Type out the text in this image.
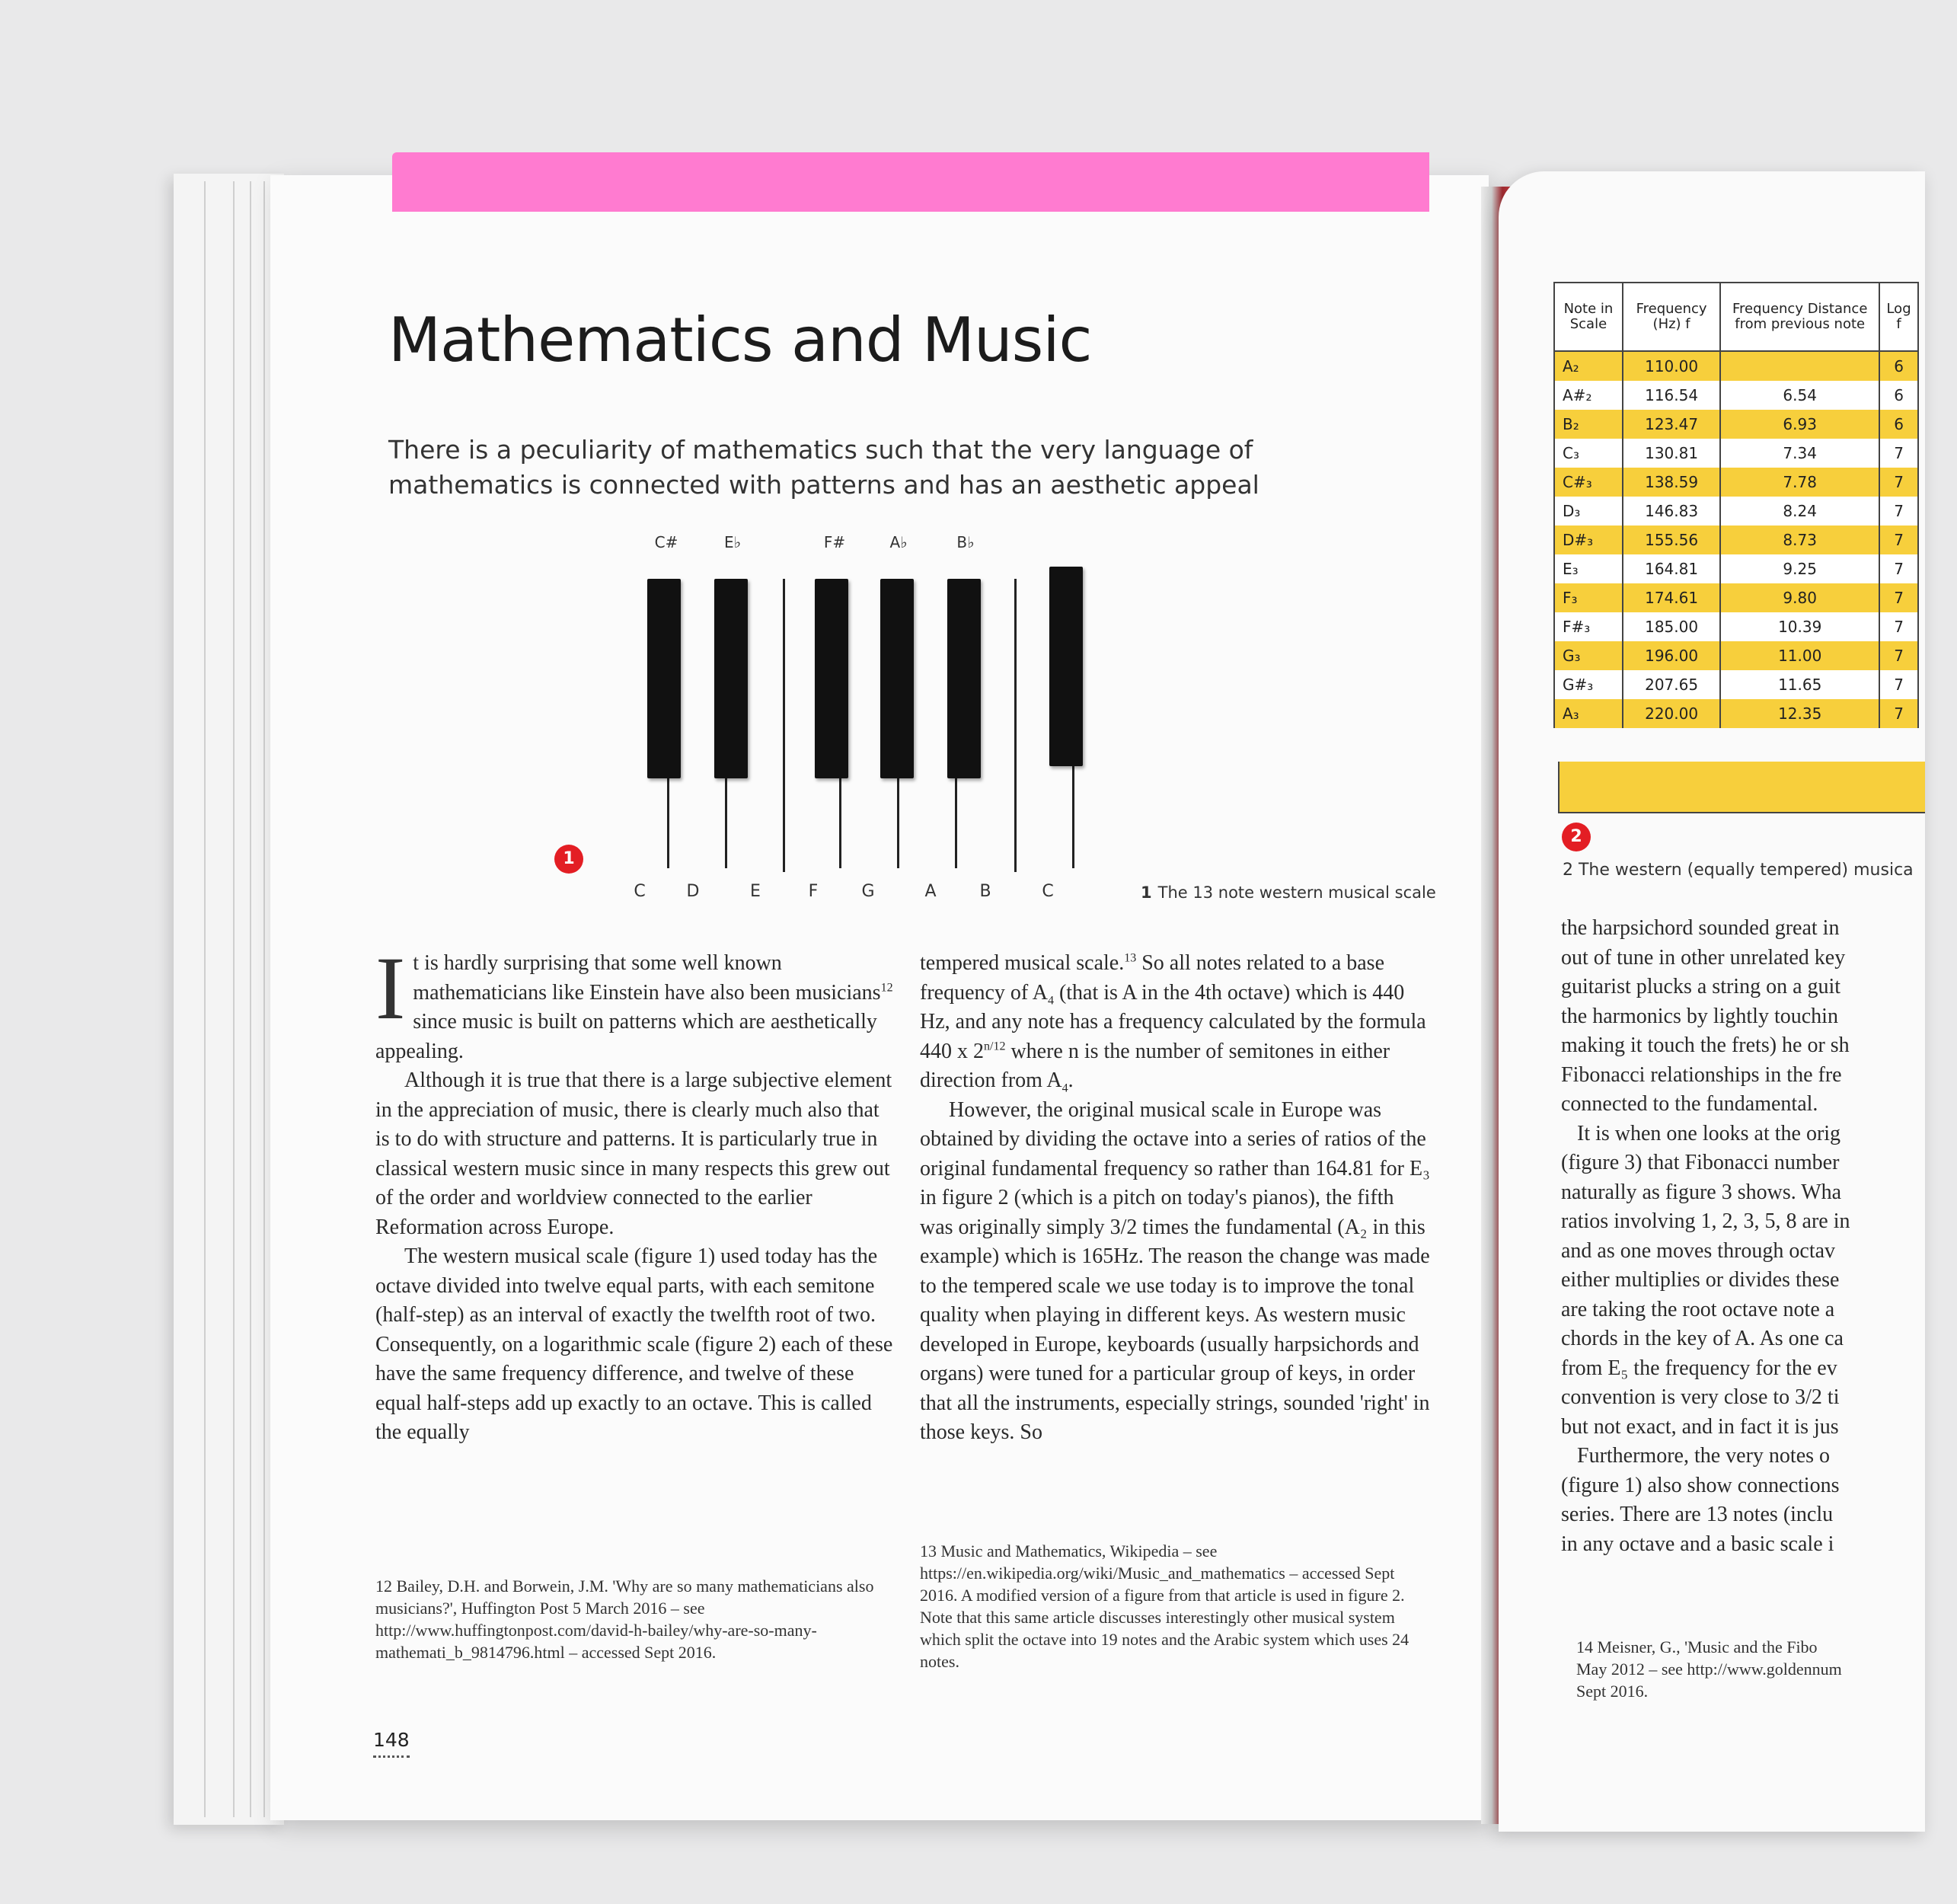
Mathematics and Music

There is a peculiarity of mathematics such that the very language of mathematics is connected with patterns and has an aesthetic appeal

C#	E♭	F#	A♭	B♭
C	D	E	F	G	A	B	C
1
1 The 13 note western musical scale

It is hardly surprising that some well known mathematicians like Einstein have also been musicians$^{12}$ since music is built on patterns which are aesthetically appealing.

Although it is true that there is a large subjective element in the appreciation of music, there is clearly much also that is to do with structure and patterns. It is particularly true in classical western music since in many respects this grew out of the order and worldview connected to the earlier Reformation across Europe.

The western musical scale (figure 1) used today has the octave divided into twelve equal parts, with each semitone (half-step) as an interval of exactly the twelfth root of two. Consequently, on a logarithmic scale (figure 2) each of these have the same frequency difference, and twelve of these equal half-steps add up exactly to an octave. This is called the equally

tempered musical scale.$^{13}$ So all notes related to a base frequency of $A_4$ (that is A in the 4th octave) which is 440 Hz, and any note has a frequency calculated by the formula 440 x $2^{n/12}$ where n is the number of semitones in either direction from $A_4$.

However, the original musical scale in Europe was obtained by dividing the octave into a series of ratios of the original fundamental frequency so rather than 164.81 for E₃ in figure 2 (which is a pitch on today's pianos), the fifth was originally simply 3/2 times the fundamental (A₂ in this example) which is 165Hz. The reason the change was made to the tempered scale we use today is to improve the tonal quality when playing in different keys. As western music developed in Europe, keyboards (usually harpsichords and organs) were tuned for a particular group of keys, in order that all the instruments, especially strings, sounded 'right' in those keys. So

12 Bailey, D.H. and Borwein, J.M. 'Why are so many mathematicians also musicians?', Huffington Post 5 March 2016 – see http://www.huffingtonpost.com/david-h-bailey/why-are-so-many-mathemati_b_9814796.html – accessed Sept 2016.
13 Music and Mathematics, Wikipedia – see https://en.wikipedia.org/wiki/Music_and_mathematics – accessed Sept 2016. A modified version of a figure from that article is used in figure 2. Note that this same article discusses interestingly other musical system which split the octave into 19 notes and the Arabic system which uses 24 notes.
148
Note in Scale	Frequency (Hz) f	Frequency Distance from previous note	Log f
A₂	110.00		6
A#₂	116.54	6.54	6
B₂	123.47	6.93	6
C₃	130.81	7.34	7
C#₃	138.59	7.78	7
D₃	146.83	8.24	7
D#₃	155.56	8.73	7
E₃	164.81	9.25	7
F₃	174.61	9.80	7
F#₃	185.00	10.39	7
G₃	196.00	11.00	7
G#₃	207.65	11.65	7
A₃	220.00	12.35	7
2
2 The western (equally tempered) musica
the harpsichord sounded great in
out of tune in other unrelated key
guitarist plucks a string on a guit
the harmonics by lightly touchin
making it touch the frets) he or sh
Fibonacci relationships in the fre
connected to the fundamental.
It is when one looks at the orig
(figure 3) that Fibonacci number
naturally as figure 3 shows. Wha
ratios involving 1, 2, 3, 5, 8 are in
and as one moves through octav
either multiplies or divides these
are taking the root octave note a
chords in the key of A. As one ca
from E₅ the frequency for the ev
convention is very close to 3/2 ti
but not exact, and in fact it is jus
Furthermore, the very notes o
(figure 1) also show connections
series. There are 13 notes (inclu
in any octave and a basic scale i
14 Meisner, G., 'Music and the Fibo
May 2012 – see http://www.goldennum
Sept 2016.
